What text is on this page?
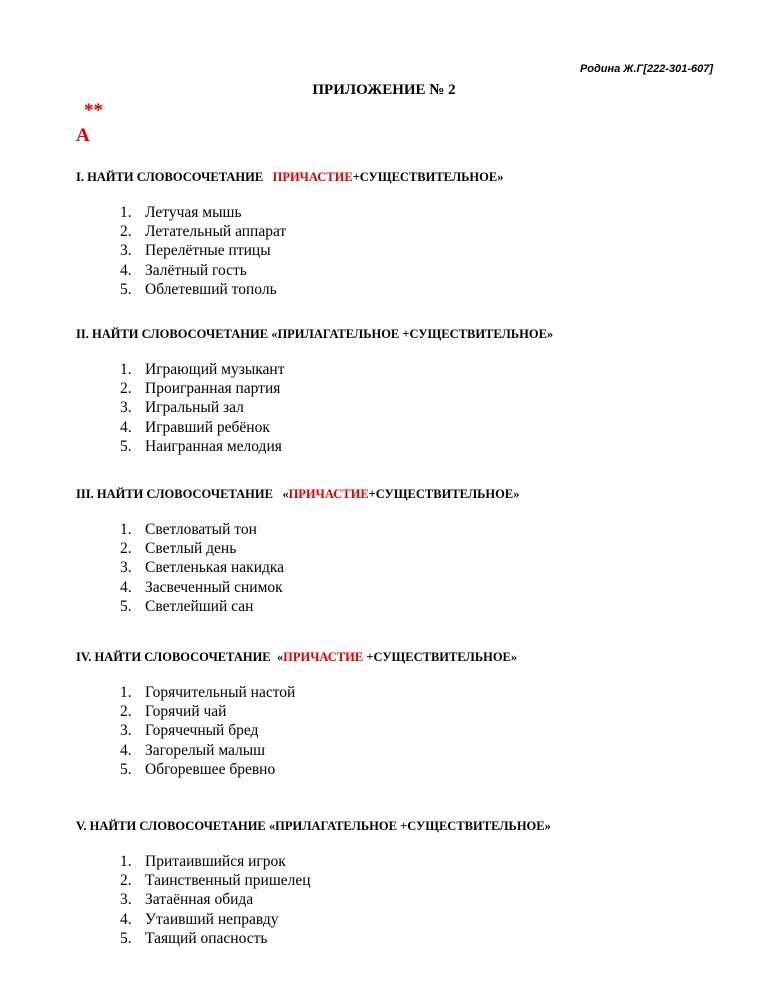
Родина Ж.Г[222-301-607]
ПРИЛОЖЕНИЕ № 2
**
А
I. НАЙТИ СЛОВОСОЧЕТАНИЕ   ПРИЧАСТИЕ+СУЩЕСТВИТЕЛЬНОЕ»
1. Летучая мышь
2. Летательный аппарат
3. Перелётные птицы
4. Залётный гость
5. Облетевший тополь
II. НАЙТИ СЛОВОСОЧЕТАНИЕ «ПРИЛАГАТЕЛЬНОЕ +СУЩЕСТВИТЕЛЬНОЕ»
1. Играющий музыкант
2. Проигранная партия
3. Игральный зал
4. Игравший ребёнок
5. Наигранная мелодия
III. НАЙТИ СЛОВОСОЧЕТАНИЕ   «ПРИЧАСТИЕ+СУЩЕСТВИТЕЛЬНОЕ»
1. Светловатый тон
2. Светлый день
3. Светленькая накидка
4. Засвеченный снимок
5. Светлейший сан
IV. НАЙТИ СЛОВОСОЧЕТАНИЕ  «ПРИЧАСТИЕ +СУЩЕСТВИТЕЛЬНОЕ»
1. Горячительный настой
2. Горячий чай
3. Горячечный бред
4. Загорелый малыш
5. Обгоревшее бревно
V. НАЙТИ СЛОВОСОЧЕТАНИЕ «ПРИЛАГАТЕЛЬНОЕ +СУЩЕСТВИТЕЛЬНОЕ»
1. Притаившийся игрок
2. Таинственный пришелец
3. Затаённая обида
4. Утаивший неправду
5. Таящий опасность
